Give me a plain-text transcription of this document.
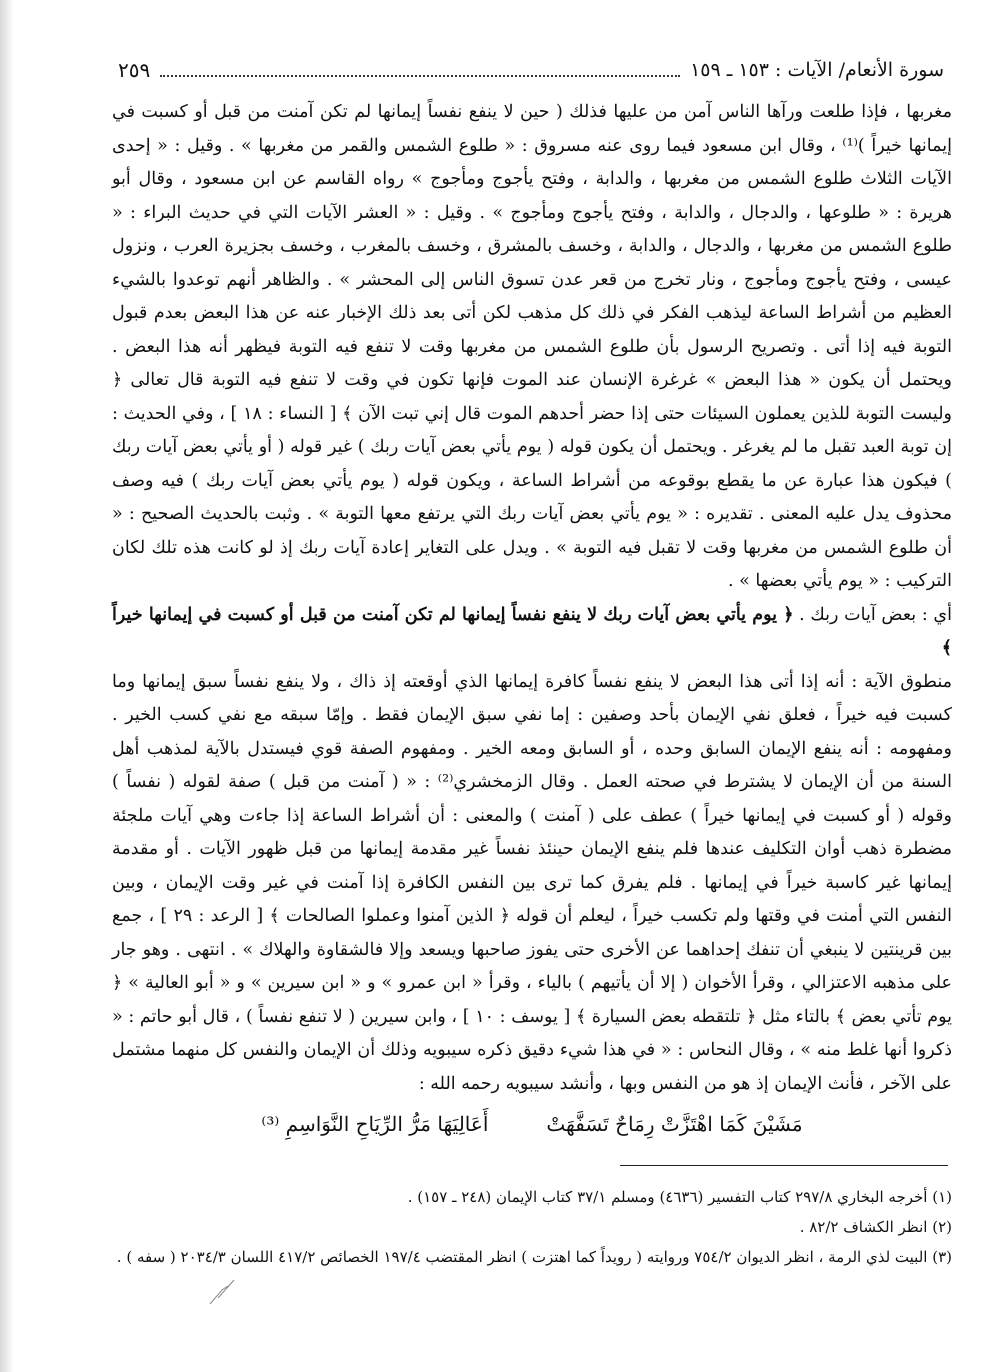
سورة الأنعام/ الآيات : ١٥٣ ـ ١٥٩
٢٥٩

مغربها ، فإذا طلعت ورآها الناس آمن من عليها فذلك ( حين لا ينفع نفساً إيمانها لم تكن آمنت من قبل أو كسبت في إيمانها خيراً )⁽¹⁾ ، وقال ابن مسعود فيما روى عنه مسروق : « طلوع الشمس والقمر من مغربها » . وقيل : « إحدى الآيات الثلاث طلوع الشمس من مغربها ، والدابة ، وفتح يأجوج ومأجوج » رواه القاسم عن ابن مسعود ، وقال أبو هريرة : « طلوعها ، والدجال ، والدابة ، وفتح يأجوج ومأجوج » . وقيل : « العشر الآيات التي في حديث البراء : « طلوع الشمس من مغربها ، والدجال ، والدابة ، وخسف بالمشرق ، وخسف بالمغرب ، وخسف بجزيرة العرب ، ونزول عيسى ، وفتح يأجوج ومأجوج ، ونار تخرج من قعر عدن تسوق الناس إلى المحشر » . والظاهر أنهم توعدوا بالشيء العظيم من أشراط الساعة ليذهب الفكر في ذلك كل مذهب لكن أتى بعد ذلك الإخبار عنه عن هذا البعض بعدم قبول التوبة فيه إذا أتى . وتصريح الرسول بأن طلوع الشمس من مغربها وقت لا تنفع فيه التوبة فيظهر أنه هذا البعض . ويحتمل أن يكون « هذا البعض » غرغرة الإنسان عند الموت فإنها تكون في وقت لا تنفع فيه التوبة قال تعالى ﴿ وليست التوبة للذين يعملون السيئات حتى إذا حضر أحدهم الموت قال إني تبت الآن ﴾ [ النساء : ١٨ ] ، وفي الحديث : إن توبة العبد تقبل ما لم يغرغر . ويحتمل أن يكون قوله ( يوم يأتي بعض آيات ربك ) غير قوله ( أو يأتي بعض آيات ربك ) فيكون هذا عبارة عن ما يقطع بوقوعه من أشراط الساعة ، ويكون قوله ( يوم يأتي بعض آيات ربك ) فيه وصف محذوف يدل عليه المعنى . تقديره : « يوم يأتي بعض آيات ربك التي يرتفع معها التوبة » . وثبت بالحديث الصحيح : « أن طلوع الشمس من مغربها وقت لا تقبل فيه التوبة » . ويدل على التغاير إعادة آيات ربك إذ لو كانت هذه تلك لكان التركيب : « يوم يأتي بعضها » .

أي : بعض آيات ربك . ﴿ يوم يأتي بعض آيات ربك لا ينفع نفساً إيمانها لم تكن آمنت من قبل أو كسبت في إيمانها خيراً ﴾

منطوق الآية : أنه إذا أتى هذا البعض لا ينفع نفساً كافرة إيمانها الذي أوقعته إذ ذاك ، ولا ينفع نفساً سبق إيمانها وما كسبت فيه خيراً ، فعلق نفي الإيمان بأحد وصفين : إما نفي سبق الإيمان فقط . وإمّا سبقه مع نفي كسب الخير . ومفهومه : أنه ينفع الإيمان السابق وحده ، أو السابق ومعه الخير . ومفهوم الصفة قوي فيستدل بالآية لمذهب أهل السنة من أن الإيمان لا يشترط في صحته العمل . وقال الزمخشري⁽²⁾ : « ( آمنت من قبل ) صفة لقوله ( نفساً ) وقوله ( أو كسبت في إيمانها خيراً ) عطف على ( آمنت ) والمعنى : أن أشراط الساعة إذا جاءت وهي آيات ملجئة مضطرة ذهب أوان التكليف عندها فلم ينفع الإيمان حينئذ نفساً غير مقدمة إيمانها من قبل ظهور الآيات . أو مقدمة إيمانها غير كاسبة خيراً في إيمانها . فلم يفرق كما ترى بين النفس الكافرة إذا آمنت في غير وقت الإيمان ، وبين النفس التي أمنت في وقتها ولم تكسب خيراً ، ليعلم أن قوله ﴿ الذين آمنوا وعملوا الصالحات ﴾ [ الرعد : ٢٩ ] ، جمع بين قرينتين لا ينبغي أن تنفك إحداهما عن الأخرى حتى يفوز صاحبها ويسعد وإلا فالشقاوة والهلاك » . انتهى . وهو جار على مذهبه الاعتزالي ، وقرأ الأخوان ( إلا أن يأتيهم ) بالياء ، وقرأ « ابن عمرو » و « ابن سيرين » و « أبو العالية » ﴿ يوم تأتي بعض ﴾ بالتاء مثل ﴿ تلتقطه بعض السيارة ﴾ [ يوسف : ١٠ ] ، وابن سيرين ( لا تنفع نفساً ) ، قال أبو حاتم : « ذكروا أنها غلط منه » ، وقال النحاس : « في هذا شيء دقيق ذكره سيبويه وذلك أن الإيمان والنفس كل منهما مشتمل على الآخر ، فأنث الإيمان إذ هو من النفس وبها ، وأنشد سيبويه رحمه الله :

مَشَيْنَ كَمَا اهْتَزَّتْ رِمَاحٌ تَسَفَّهَتْ
أَعَالِيَهَا مَرُّ الرِّيَاحِ النَّوَاسِمِ ⁽³⁾

(١) أخرجه البخاري ٢٩٧/٨ كتاب التفسير (٤٦٣٦) ومسلم ٣٧/١ كتاب الإيمان (٢٤٨ ـ ١٥٧) .

(٢) انظر الكشاف ٨٢/٢ .

(٣) البيت لذي الرمة ، انظر الديوان ٧٥٤/٢ وروايته ( رويداً كما اهتزت ) انظر المقتضب ١٩٧/٤ الخصائص ٤١٧/٢ اللسان ٢٠٣٤/٣ ( سفه ) .
